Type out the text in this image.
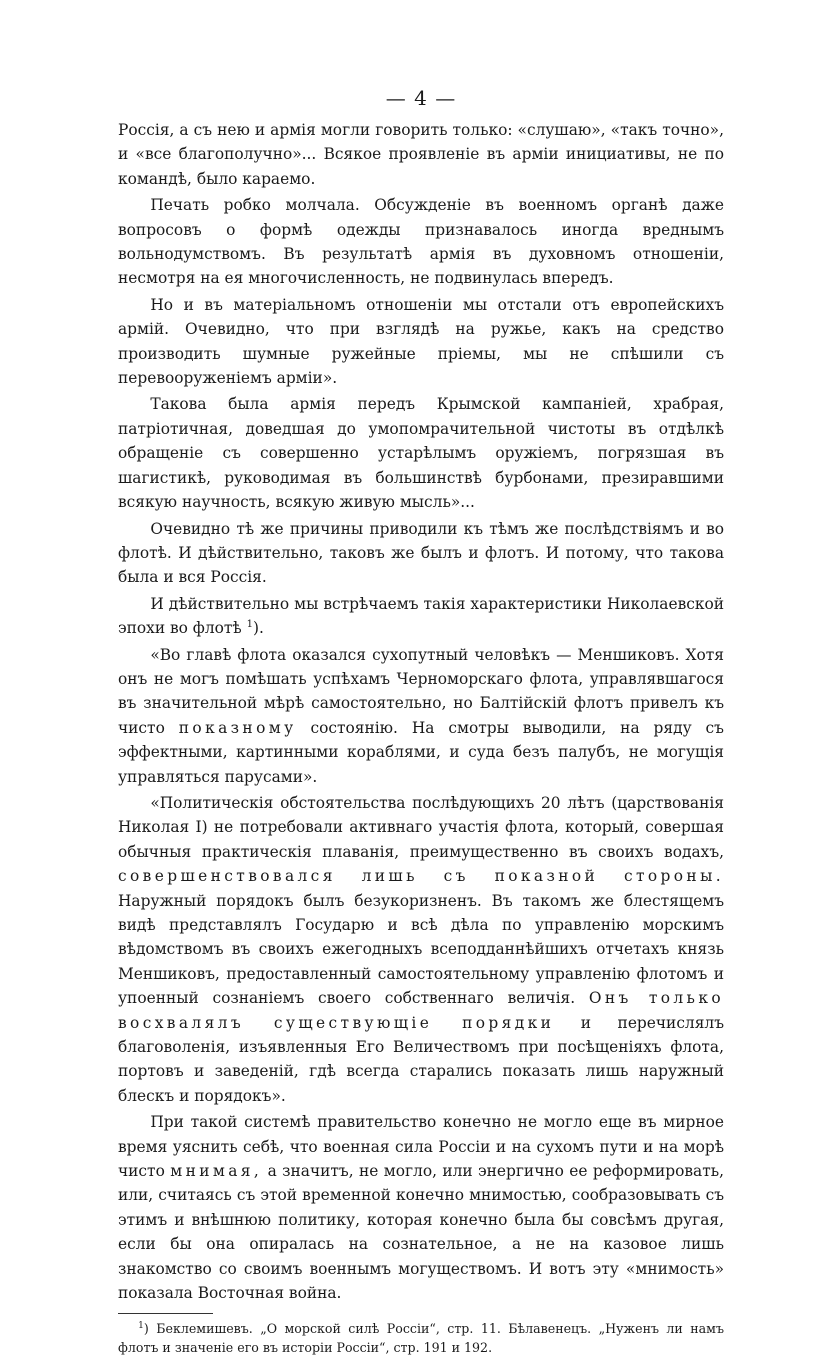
— 4 —

Россія, а съ нею и армія могли говорить только: «слушаю», «такъ точно», и «все благополучно»... Всякое проявленіе въ арміи инициативы, не по командѣ, было караемо.

Печать робко молчала. Обсужденіе въ военномъ органѣ даже вопросовъ о формѣ одежды признавалось иногда вреднымъ вольнодумствомъ. Въ результатѣ армія въ духовномъ отношеніи, несмотря на ея многочисленность, не подвинулась впередъ.

Но и въ матеріальномъ отношеніи мы отстали отъ европейскихъ армій. Очевидно, что при взглядѣ на ружье, какъ на средство производить шумные ружейные пріемы, мы не спѣшили съ перевооруженіемъ арміи».

Такова была армія передъ Крымской кампаніей, храбрая, патріотичная, доведшая до умопомрачительной чистоты въ отдѣлкѣ обращеніе съ совершенно устарѣлымъ оружіемъ, погрязшая въ шагистикѣ, руководимая въ большинствѣ бурбонами, презиравшими всякую научность, всякую живую мысль»...

Очевидно тѣ же причины приводили къ тѣмъ же послѣдствіямъ и во флотѣ. И дѣйствительно, таковъ же былъ и флотъ. И потому, что такова была и вся Россія.

И дѣйствительно мы встрѣчаемъ такія характеристики Николаевской эпохи во флотѣ $^1$).

«Во главѣ флота оказался сухопутный человѣкъ — Меншиковъ. Хотя онъ не могъ помѣшать успѣхамъ Черноморскаго флота, управлявшагося въ значительной мѣрѣ самостоятельно, но Балтійскій флотъ привелъ къ чисто показному состоянію. На смотры выводили, на ряду съ эффектными, картинными кораблями, и суда безъ палубъ, не могущія управляться парусами».

«Политическія обстоятельства послѣдующихъ 20 лѣтъ (царствованія Николая I) не потребовали активнаго участія флота, который, совершая обычныя практическія плаванія, преимущественно въ своихъ водахъ, совершенствовался лишь съ показной стороны. Наружный порядокъ былъ безукоризненъ. Въ такомъ же блестящемъ видѣ представлялъ Государю и всѣ дѣла по управленію морскимъ вѣдомствомъ въ своихъ ежегодныхъ всеподданнѣйшихъ отчетахъ князь Меншиковъ, предоставленный самостоятельному управленію флотомъ и упоенный сознаніемъ своего собственнаго величія. Онъ только восхвалялъ существующіе порядки и перечислялъ благоволенія, изъявленныя Его Величествомъ при посѣщеніяхъ флота, портовъ и заведеній, гдѣ всегда старались показать лишь наружный блескъ и порядокъ».

При такой системѣ правительство конечно не могло еще въ мирное время уяснить себѣ, что военная сила Россіи и на сухомъ пути и на морѣ чисто мнимая, а значитъ, не могло, или энергично ее реформировать, или, считаясь съ этой временной конечно мнимостью, сообразовывать съ этимъ и внѣшнюю политику, которая конечно была бы совсѣмъ другая, если бы она опиралась на сознательное, а не на казовое лишь знакомство со своимъ военнымъ могуществомъ. И вотъ эту «мнимость» показала Восточная война.

$^1$) Беклемишевъ. „О морской силѣ Россіи“, стр. 11. Бѣлавенецъ. „Нуженъ ли намъ флотъ и значеніе его въ исторіи Россіи“, стр. 191 и 192.
